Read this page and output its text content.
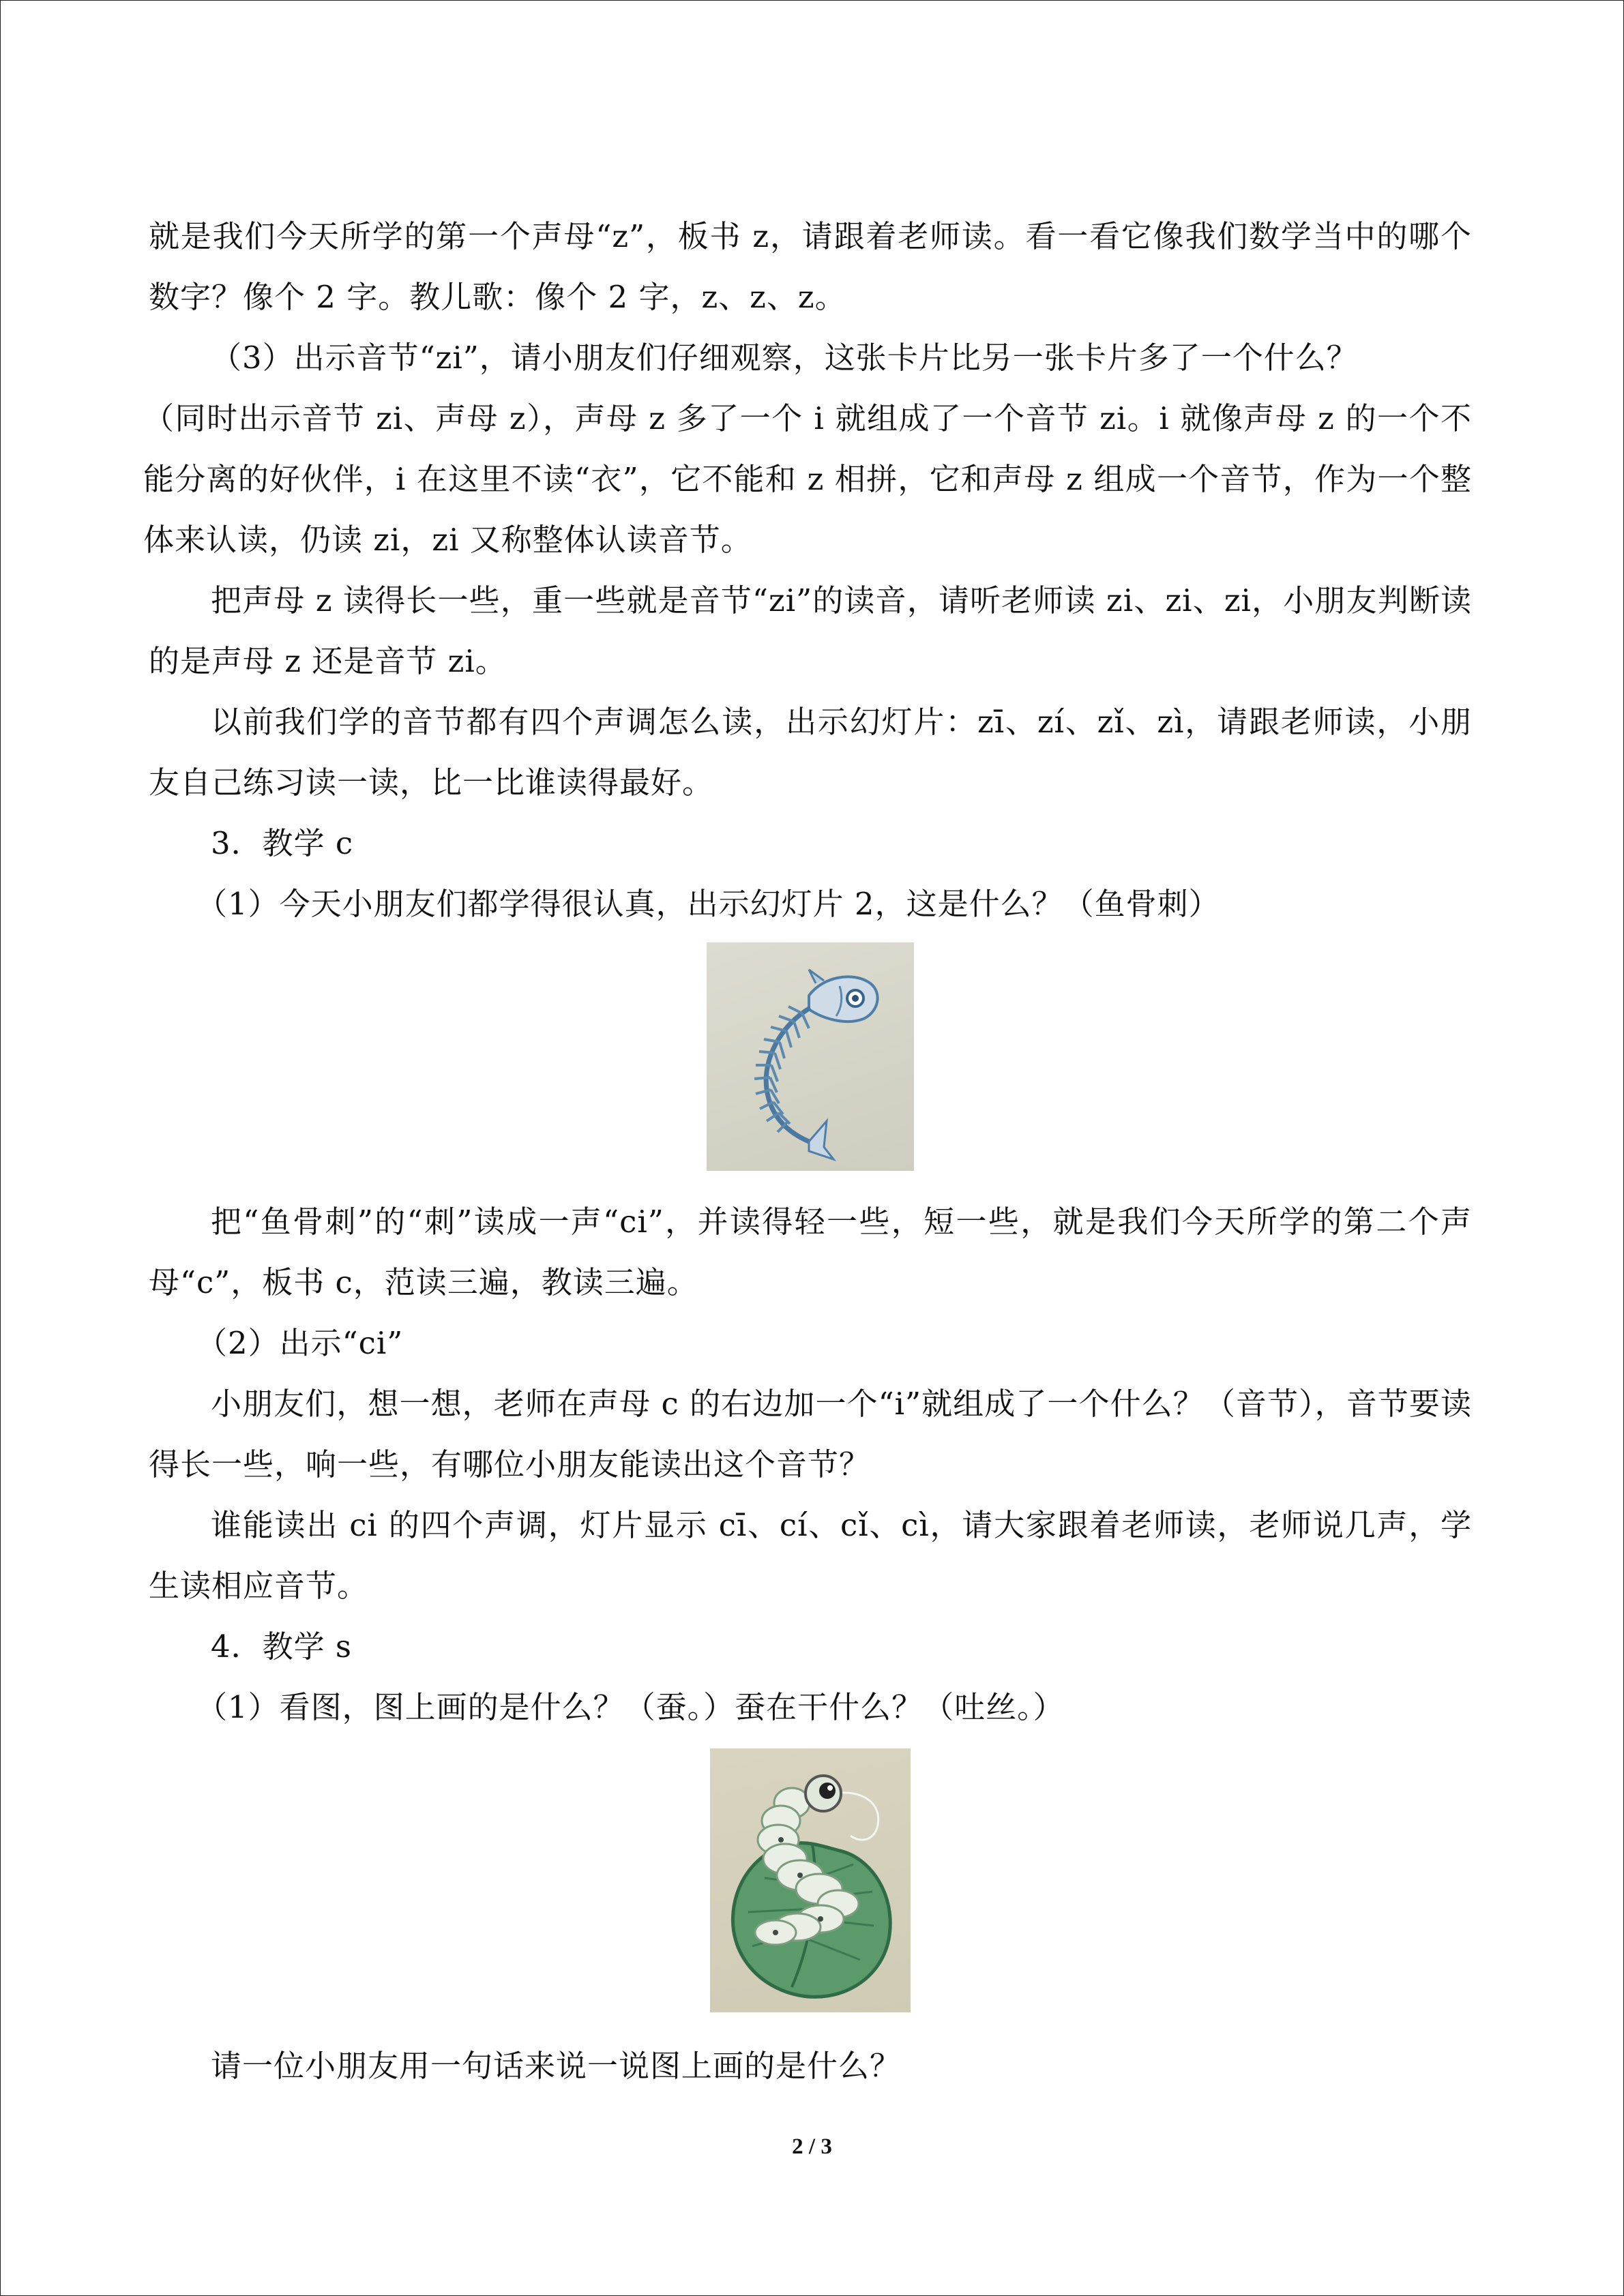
就是我们今天所学的第一个声母“z”，板书 z，请跟着老师读。看一看它像我们数学当中的哪个数字？像个 2 字。教儿歌：像个 2 字，z、z、z。

（3）出示音节“zi”，请小朋友们仔细观察，这张卡片比另一张卡片多了一个什么？

（同时出示音节 zi、声母 z），声母 z 多了一个 i 就组成了一个音节 zi。i 就像声母 z 的一个不能分离的好伙伴，i 在这里不读“衣”，它不能和 z 相拼，它和声母 z 组成一个音节，作为一个整体来认读，仍读 zi，zi 又称整体认读音节。

把声母 z 读得长一些，重一些就是音节“zi”的读音，请听老师读 zi、zi、zi，小朋友判断读的是声母 z 还是音节 zi。

以前我们学的音节都有四个声调怎么读，出示幻灯片：zī、zí、zǐ、zì，请跟老师读，小朋友自己练习读一读，比一比谁读得最好。

3．教学 c

（1）今天小朋友们都学得很认真，出示幻灯片 2，这是什么？（鱼骨刺）

把“鱼骨刺”的“刺”读成一声“ci”，并读得轻一些，短一些，就是我们今天所学的第二个声母“c”，板书 c，范读三遍，教读三遍。

（2）出示“ci”

小朋友们，想一想，老师在声母 c 的右边加一个“i”就组成了一个什么？（音节），音节要读得长一些，响一些，有哪位小朋友能读出这个音节？

谁能读出 ci 的四个声调，灯片显示 cī、cí、cǐ、cì，请大家跟着老师读，老师说几声，学生读相应音节。

4．教学 s

（1）看图，图上画的是什么？（蚕。）蚕在干什么？（吐丝。）

请一位小朋友用一句话来说一说图上画的是什么？

2 / 3
